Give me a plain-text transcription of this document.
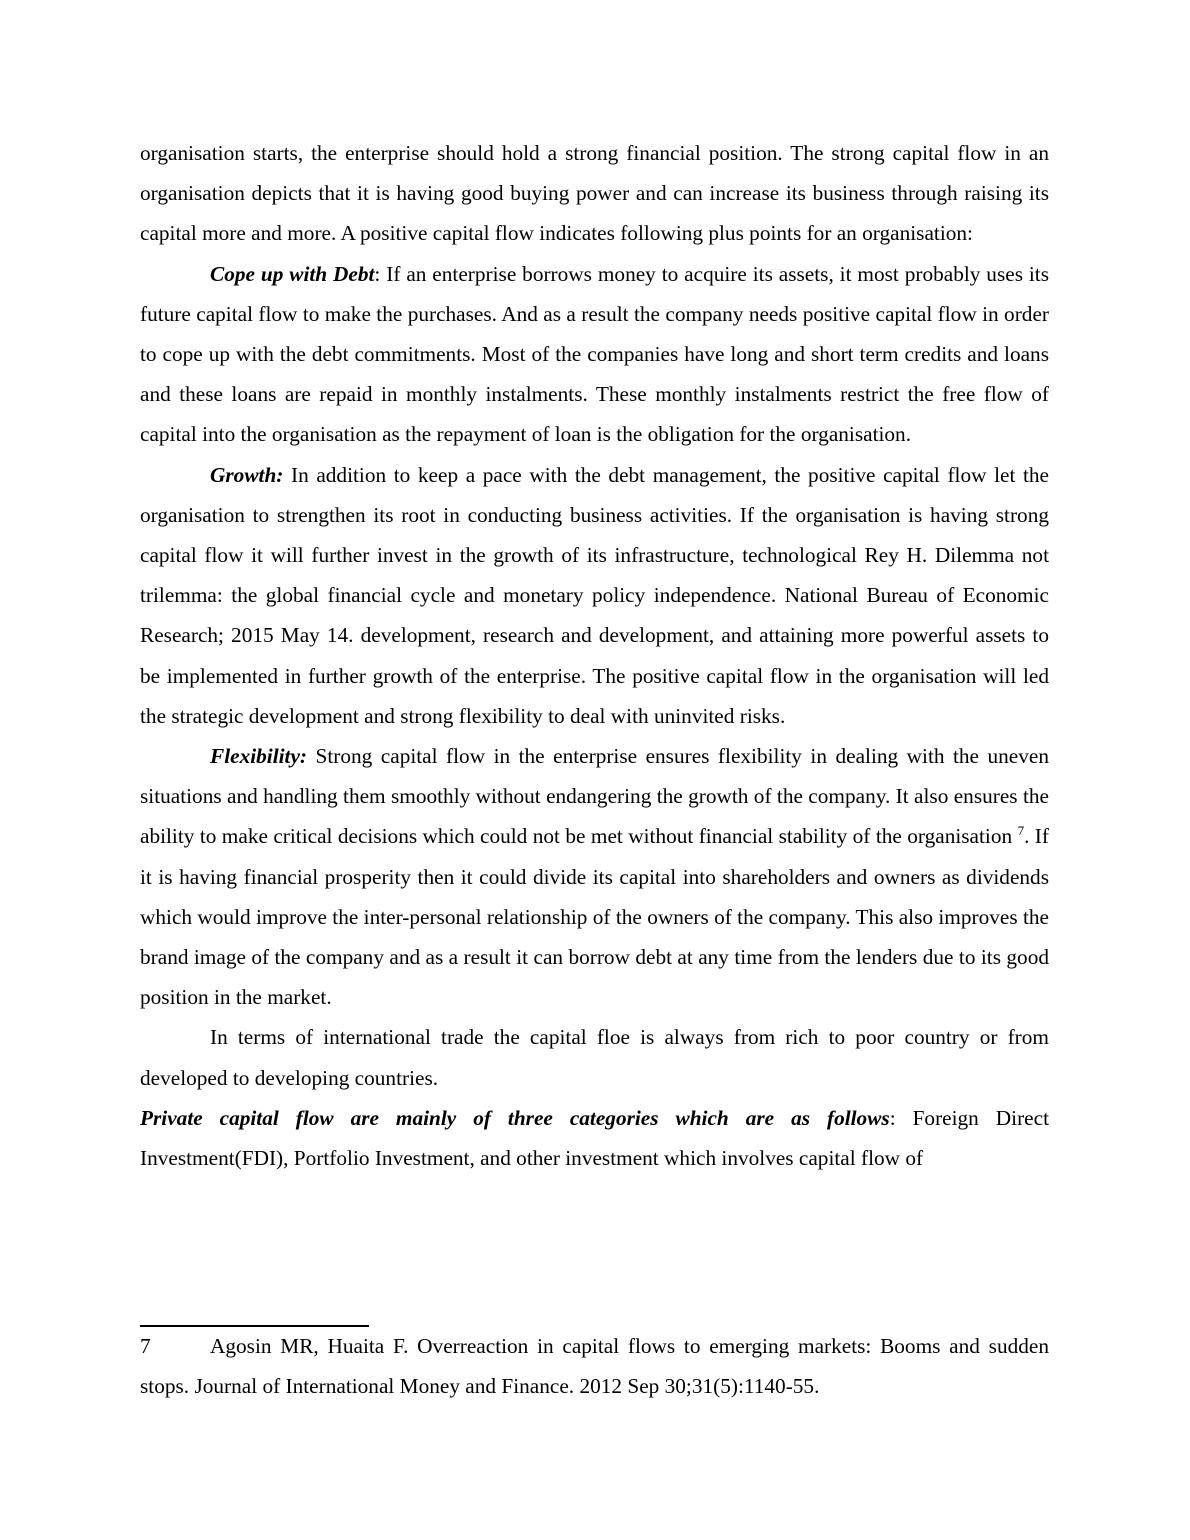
organisation starts, the enterprise should hold a strong financial position. The strong capital flow in an organisation depicts that it is having good buying power and can increase its business through raising its capital more and more. A positive capital flow indicates following plus points for an organisation:

Cope up with Debt: If an enterprise borrows money to acquire its assets, it most probably uses its future capital flow to make the purchases. And as a result the company needs positive capital flow in order to cope up with the debt commitments. Most of the companies have long and short term credits and loans and these loans are repaid in monthly instalments. These monthly instalments restrict the free flow of capital into the organisation as the repayment of loan is the obligation for the organisation.

Growth: In addition to keep a pace with the debt management, the positive capital flow let the organisation to strengthen its root in conducting business activities. If the organisation is having strong capital flow it will further invest in the growth of its infrastructure, technological Rey H. Dilemma not trilemma: the global financial cycle and monetary policy independence. National Bureau of Economic Research; 2015 May 14. development, research and development, and attaining more powerful assets to be implemented in further growth of the enterprise. The positive capital flow in the organisation will led the strategic development and strong flexibility to deal with uninvited risks.

Flexibility: Strong capital flow in the enterprise ensures flexibility in dealing with the uneven situations and handling them smoothly without endangering the growth of the company. It also ensures the ability to make critical decisions which could not be met without financial stability of the organisation $^7$. If it is having financial prosperity then it could divide its capital into shareholders and owners as dividends which would improve the inter-personal relationship of the owners of the company. This also improves the brand image of the company and as a result it can borrow debt at any time from the lenders due to its good position in the market.

In terms of international trade the capital floe is always from rich to poor country or from developed to developing countries.

Private capital flow are mainly of three categories which are as follows: Foreign Direct Investment(FDI), Portfolio Investment, and other investment which involves capital flow of

7	Agosin MR, Huaita F. Overreaction in capital flows to emerging markets: Booms and sudden stops. Journal of International Money and Finance. 2012 Sep 30;31(5):1140-55.
